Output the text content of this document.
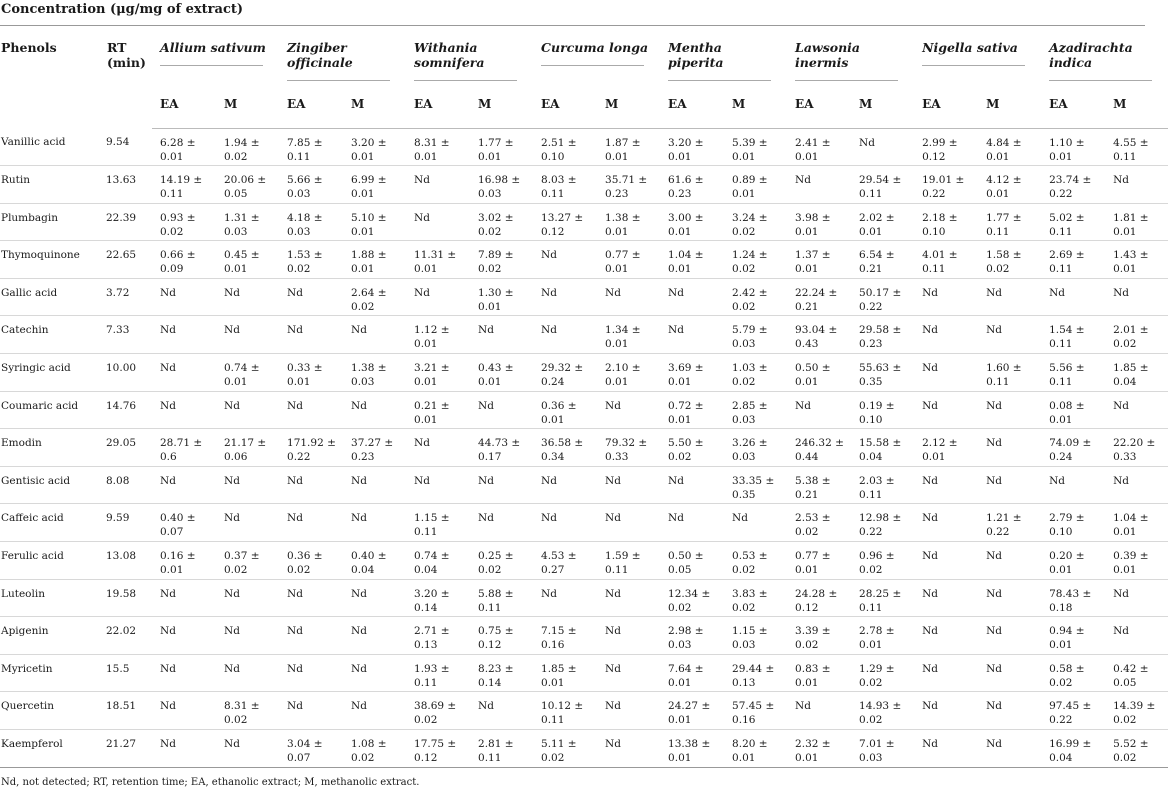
Concentration (μg/mg of extract)
Phenols	RT (min)	Allium sativum		Zingiber officinale		Withania somnifera		Curcuma longa		Mentha piperita		Lawsonia inermis		Nigella sativa		Azadirachta indica	

		EA	M	EA	M	EA	M	EA	M	EA	M	EA	M	EA	M	EA	M
Vanillic acid	9.54	6.28 ± 0.01	1.94 ± 0.02	7.85 ± 0.11	3.20 ± 0.01	8.31 ± 0.01	1.77 ± 0.01	2.51 ± 0.10	1.87 ± 0.01	3.20 ± 0.01	5.39 ± 0.01	2.41 ± 0.01	Nd	2.99 ± 0.12	4.84 ± 0.01	1.10 ± 0.01	4.55 ± 0.11
Rutin	13.63	14.19 ± 0.11	20.06 ± 0.05	5.66 ± 0.03	6.99 ± 0.01	Nd	16.98 ± 0.03	8.03 ± 0.11	35.71 ± 0.23	61.6 ± 0.23	0.89 ± 0.01	Nd	29.54 ± 0.11	19.01 ± 0.22	4.12 ± 0.01	23.74 ± 0.22	Nd
Plumbagin	22.39	0.93 ± 0.02	1.31 ± 0.03	4.18 ± 0.03	5.10 ± 0.01	Nd	3.02 ± 0.02	13.27 ± 0.12	1.38 ± 0.01	3.00 ± 0.01	3.24 ± 0.02	3.98 ± 0.01	2.02 ± 0.01	2.18 ± 0.10	1.77 ± 0.11	5.02 ± 0.11	1.81 ± 0.01
Thymoquinone	22.65	0.66 ± 0.09	0.45 ± 0.01	1.53 ± 0.02	1.88 ± 0.01	11.31 ± 0.01	7.89 ± 0.02	Nd	0.77 ± 0.01	1.04 ± 0.01	1.24 ± 0.02	1.37 ± 0.01	6.54 ± 0.21	4.01 ± 0.11	1.58 ± 0.02	2.69 ± 0.11	1.43 ± 0.01
Gallic acid	3.72	Nd	Nd	Nd	2.64 ± 0.02	Nd	1.30 ± 0.01	Nd	Nd	Nd	2.42 ± 0.02	22.24 ± 0.21	50.17 ± 0.22	Nd	Nd	Nd	Nd
Catechin	7.33	Nd	Nd	Nd	Nd	1.12 ± 0.01	Nd	Nd	1.34 ± 0.01	Nd	5.79 ± 0.03	93.04 ± 0.43	29.58 ± 0.23	Nd	Nd	1.54 ± 0.11	2.01 ± 0.02
Syringic acid	10.00	Nd	0.74 ± 0.01	0.33 ± 0.01	1.38 ± 0.03	3.21 ± 0.01	0.43 ± 0.01	29.32 ± 0.24	2.10 ± 0.01	3.69 ± 0.01	1.03 ± 0.02	0.50 ± 0.01	55.63 ± 0.35	Nd	1.60 ± 0.11	5.56 ± 0.11	1.85 ± 0.04
Coumaric acid	14.76	Nd	Nd	Nd	Nd	0.21 ± 0.01	Nd	0.36 ± 0.01	Nd	0.72 ± 0.01	2.85 ± 0.03	Nd	0.19 ± 0.10	Nd	Nd	0.08 ± 0.01	Nd
Emodin	29.05	28.71 ± 0.6	21.17 ± 0.06	171.92 ± 0.22	37.27 ± 0.23	Nd	44.73 ± 0.17	36.58 ± 0.34	79.32 ± 0.33	5.50 ± 0.02	3.26 ± 0.03	246.32 ± 0.44	15.58 ± 0.04	2.12 ± 0.01	Nd	74.09 ± 0.24	22.20 ± 0.33
Gentisic acid	8.08	Nd	Nd	Nd	Nd	Nd	Nd	Nd	Nd	Nd	33.35 ± 0.35	5.38 ± 0.21	2.03 ± 0.11	Nd	Nd	Nd	Nd
Caffeic acid	9.59	0.40 ± 0.07	Nd	Nd	Nd	1.15 ± 0.11	Nd	Nd	Nd	Nd	Nd	2.53 ± 0.02	12.98 ± 0.22	Nd	1.21 ± 0.22	2.79 ± 0.10	1.04 ± 0.01
Ferulic acid	13.08	0.16 ± 0.01	0.37 ± 0.02	0.36 ± 0.02	0.40 ± 0.04	0.74 ± 0.04	0.25 ± 0.02	4.53 ± 0.27	1.59 ± 0.11	0.50 ± 0.05	0.53 ± 0.02	0.77 ± 0.01	0.96 ± 0.02	Nd	Nd	0.20 ± 0.01	0.39 ± 0.01
Luteolin	19.58	Nd	Nd	Nd	Nd	3.20 ± 0.14	5.88 ± 0.11	Nd	Nd	12.34 ± 0.02	3.83 ± 0.02	24.28 ± 0.12	28.25 ± 0.11	Nd	Nd	78.43 ± 0.18	Nd
Apigenin	22.02	Nd	Nd	Nd	Nd	2.71 ± 0.13	0.75 ± 0.12	7.15 ± 0.16	Nd	2.98 ± 0.03	1.15 ± 0.03	3.39 ± 0.02	2.78 ± 0.01	Nd	Nd	0.94 ± 0.01	Nd
Myricetin	15.5	Nd	Nd	Nd	Nd	1.93 ± 0.11	8.23 ± 0.14	1.85 ± 0.01	Nd	7.64 ± 0.01	29.44 ± 0.13	0.83 ± 0.01	1.29 ± 0.02	Nd	Nd	0.58 ± 0.02	0.42 ± 0.05
Quercetin	18.51	Nd	8.31 ± 0.02	Nd	Nd	38.69 ± 0.02	Nd	10.12 ± 0.11	Nd	24.27 ± 0.01	57.45 ± 0.16	Nd	14.93 ± 0.02	Nd	Nd	97.45 ± 0.22	14.39 ± 0.02
Kaempferol	21.27	Nd	Nd	3.04 ± 0.07	1.08 ± 0.02	17.75 ± 0.12	2.81 ± 0.11	5.11 ± 0.02	Nd	13.38 ± 0.01	8.20 ± 0.01	2.32 ± 0.01	7.01 ± 0.03	Nd	Nd	16.99 ± 0.04	5.52 ± 0.02
Nd, not detected; RT, retention time; EA, ethanolic extract; M, methanolic extract.
